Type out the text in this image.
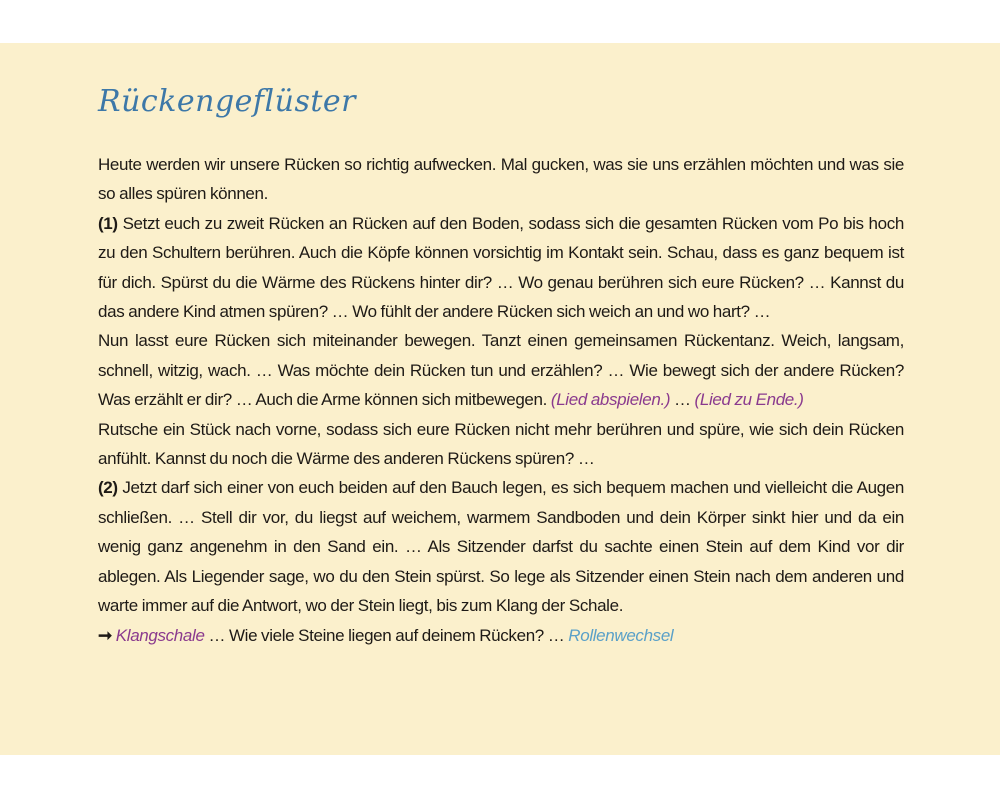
Rückengeflüster

Heute werden wir unsere Rücken so richtig aufwecken. Mal gucken, was sie uns erzählen möchten und was sie so alles spüren können.

(1) Setzt euch zu zweit Rücken an Rücken auf den Boden, sodass sich die gesamten Rücken vom Po bis hoch zu den Schultern berühren. Auch die Köpfe können vorsichtig im Kontakt sein. Schau, dass es ganz bequem ist für dich. Spürst du die Wärme des Rückens hinter dir? … Wo genau berühren sich eure Rücken? … Kannst du das andere Kind atmen spüren? … Wo fühlt der andere Rücken sich weich an und wo hart? …

Nun lasst eure Rücken sich miteinander bewegen. Tanzt einen gemeinsamen Rückentanz. Weich, langsam, schnell, witzig, wach. … Was möchte dein Rücken tun und erzählen? … Wie bewegt sich der andere Rücken? Was erzählt er dir? … Auch die Arme können sich mitbewegen. (Lied abspielen.) … (Lied zu Ende.)

Rutsche ein Stück nach vorne, sodass sich eure Rücken nicht mehr berühren und spüre, wie sich dein Rücken anfühlt. Kannst du noch die Wärme des anderen Rückens spüren? …

(2) Jetzt darf sich einer von euch beiden auf den Bauch legen, es sich bequem machen und vielleicht die Augen schließen. … Stell dir vor, du liegst auf weichem, warmem Sandboden und dein Körper sinkt hier und da ein wenig ganz angenehm in den Sand ein. … Als Sitzender darfst du sachte einen Stein auf dem Kind vor dir ablegen. Als Liegender sage, wo du den Stein spürst. So lege als Sitzender einen Stein nach dem anderen und warte immer auf die Antwort, wo der Stein liegt, bis zum Klang der Schale.

➞ Klangschale … Wie viele Steine liegen auf deinem Rücken? … Rollenwechsel
